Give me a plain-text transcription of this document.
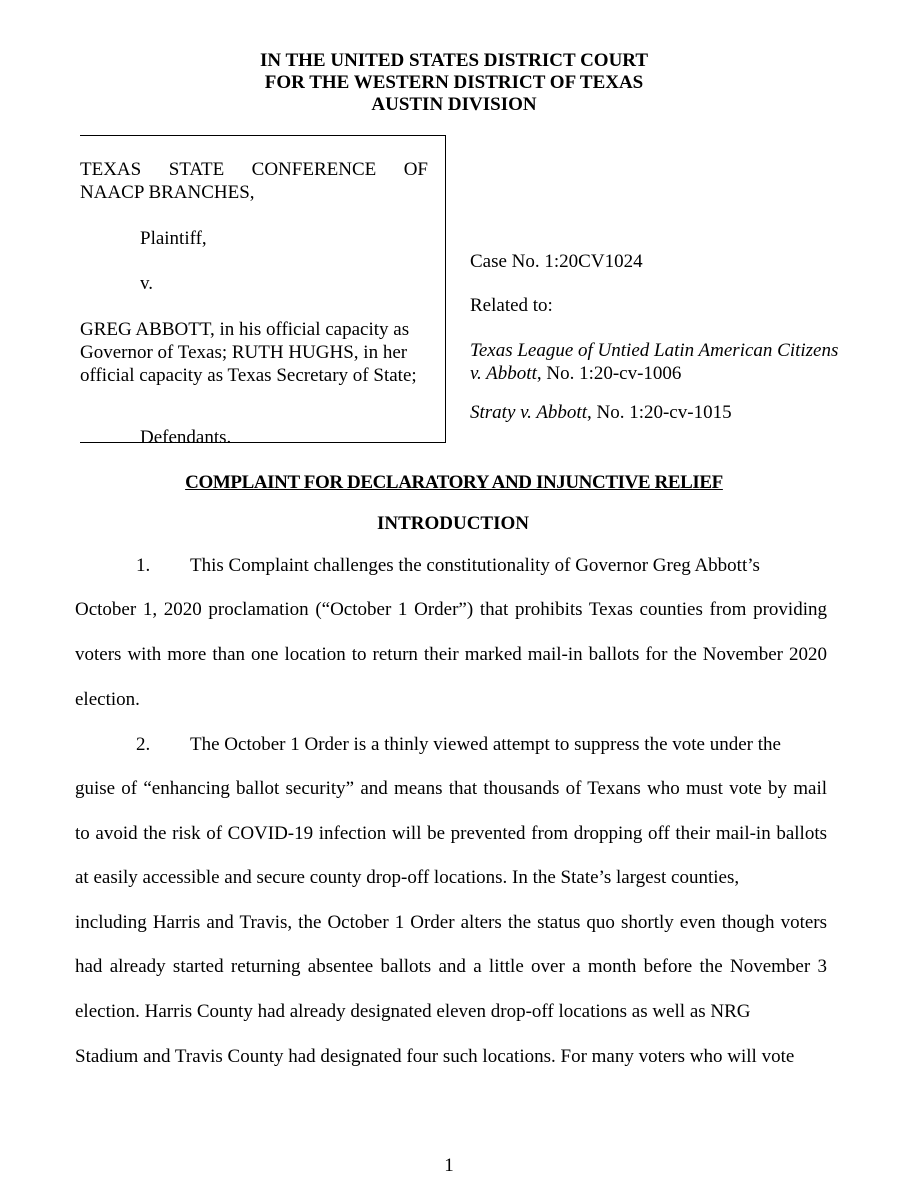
IN THE UNITED STATES DISTRICT COURT
FOR THE WESTERN DISTRICT OF TEXAS
AUSTIN DIVISION
TEXAS STATE CONFERENCE OF
NAACP BRANCHES,
Plaintiff,
v.
GREG ABBOTT, in his official capacity as Governor of Texas; RUTH HUGHS, in her official capacity as Texas Secretary of State;
Defendants.
Case No. 1:20CV1024
Related to:
Texas League of Untied Latin American Citizens
v. Abbott, No. 1:20-cv-1006
Straty v. Abbott, No. 1:20-cv-1015
COMPLAINT FOR DECLARATORY AND INJUNCTIVE RELIEF
INTRODUCTION
1. This Complaint challenges the constitutionality of Governor Greg Abbott’s
October 1, 2020 proclamation (“October 1 Order”) that prohibits Texas counties from providing
voters with more than one location to return their marked mail-in ballots for the November 2020
election.
2. The October 1 Order is a thinly viewed attempt to suppress the vote under the
guise of “enhancing ballot security” and means that thousands of Texans who must vote by mail
to avoid the risk of COVID-19 infection will be prevented from dropping off their mail-in ballots
at easily accessible and secure county drop-off locations. In the State’s largest counties,
including Harris and Travis, the October 1 Order alters the status quo shortly even though voters
had already started returning absentee ballots and a little over a month before the November 3
election. Harris County had already designated eleven drop-off locations as well as NRG
Stadium and Travis County had designated four such locations. For many voters who will vote
1
